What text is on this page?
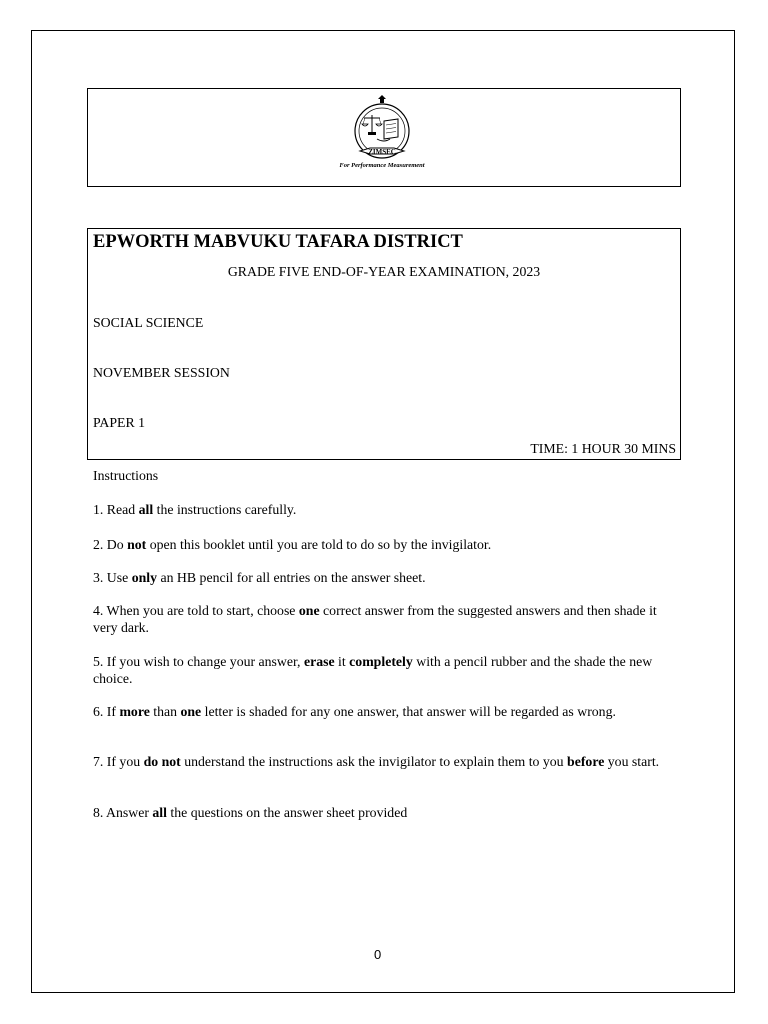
ZIMSEC
For Performance Measurement
EPWORTH MABVUKU TAFARA DISTRICT
GRADE FIVE END-OF-YEAR EXAMINATION, 2023
SOCIAL SCIENCE
NOVEMBER SESSION
PAPER 1
TIME: 1 HOUR 30 MINS
Instructions
1. Read all the instructions carefully.
2. Do not open this booklet until you are told to do so by the invigilator.
3. Use only an HB pencil for all entries on the answer sheet.
4. When you are told to start, choose one correct answer from the suggested answers and then shade it very dark.
5. If you wish to change your answer, erase it completely with a pencil rubber and the shade the new choice.
6. If more than one letter is shaded for any one answer, that answer will be regarded as wrong.
7. If you do not understand the instructions ask the invigilator to explain them to you before you start.
8. Answer all the questions on the answer sheet provided
0
